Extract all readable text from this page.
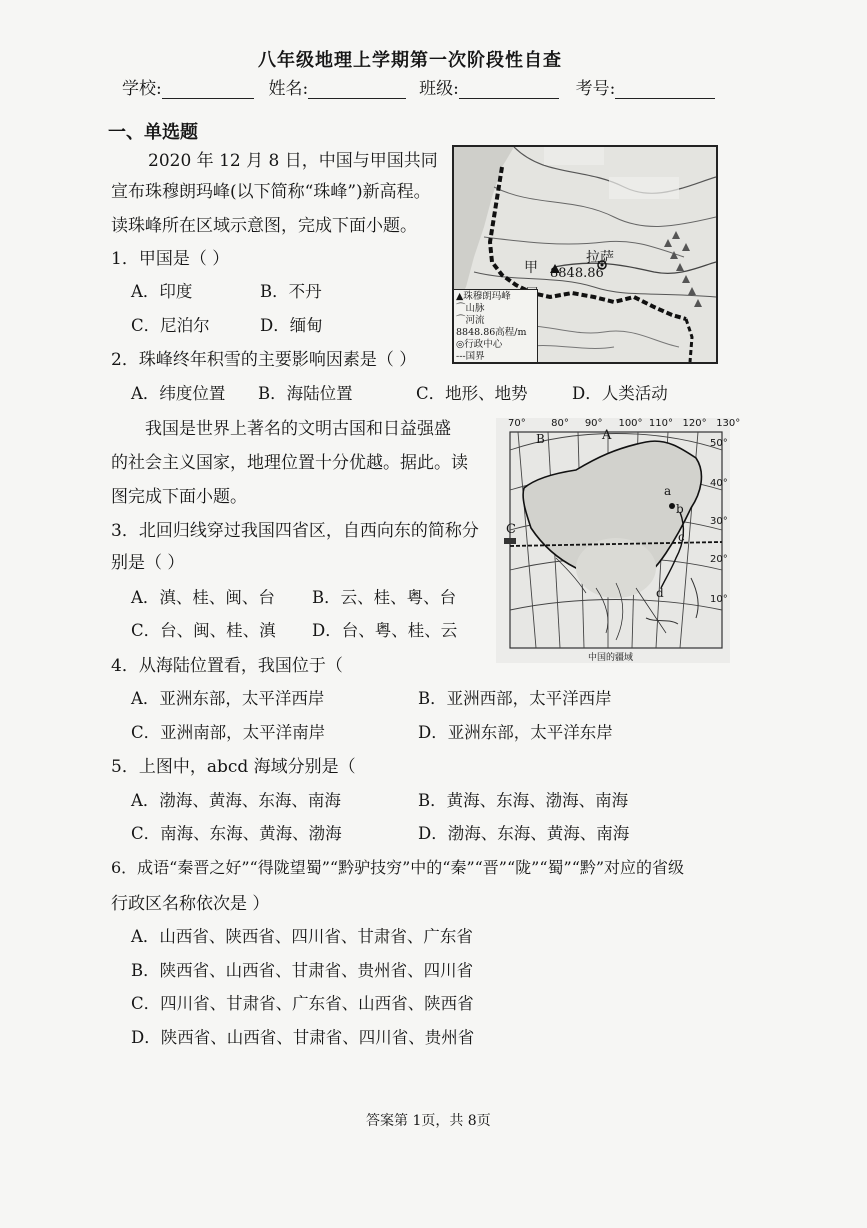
八年级地理上学期第一次阶段性自查
学校:	姓名:	班级:	考号:
一、单选题
2020 年 12 月 8 日，中国与甲国共同
宣布珠穆朗玛峰(以下简称“珠峰”)新高程。
读珠峰所在区域示意图，完成下面小题。
拉萨
8848.86
甲
▲珠穆朗玛峰
⌒山脉
⌒河流
8848.86高程/m
◎行政中心
---国界
1．甲国是（ ）
A．印度	B．不丹
C．尼泊尔	D．缅甸
2．珠峰终年积雪的主要影响因素是（ ）
A．纬度位置 B．海陆位置	C．地形、地势	D．人类活动
我国是世界上著名的文明古国和日益强盛
的社会主义国家，地理位置十分优越。据此。读
图完成下面小题。
70°	80° 90° 100° 110° 120° 130°
50°
40°
30°
20°
10°
A
B
C
a
b
c
d
中国的疆域
3．北回归线穿过我国四省区，自西向东的简称分
别是（ ）
A．滇、桂、闽、台 B．云、桂、粤、台
C．台、闽、桂、滇 D．台、粤、桂、云
4．从海陆位置看，我国位于（
A．亚洲东部，太平洋西岸	B．亚洲西部，太平洋西岸
C．亚洲南部，太平洋南岸	D．亚洲东部，太平洋东岸
5．上图中，abcd 海域分别是（
A．渤海、黄海、东海、南海	B．黄海、东海、渤海、南海
C．南海、东海、黄海、渤海	D．渤海、东海、黄海、南海
6．成语“秦晋之好”“得陇望蜀”“黔驴技穷”中的“秦”“晋”“陇”“蜀”“黔”对应的省级
行政区名称依次是 ）
A．山西省、陕西省、四川省、甘肃省、广东省
B．陕西省、山西省、甘肃省、贵州省、四川省
C．四川省、甘肃省、广东省、山西省、陕西省
D．陕西省、山西省、甘肃省、四川省、贵州省
答案第 1页，共 8页
